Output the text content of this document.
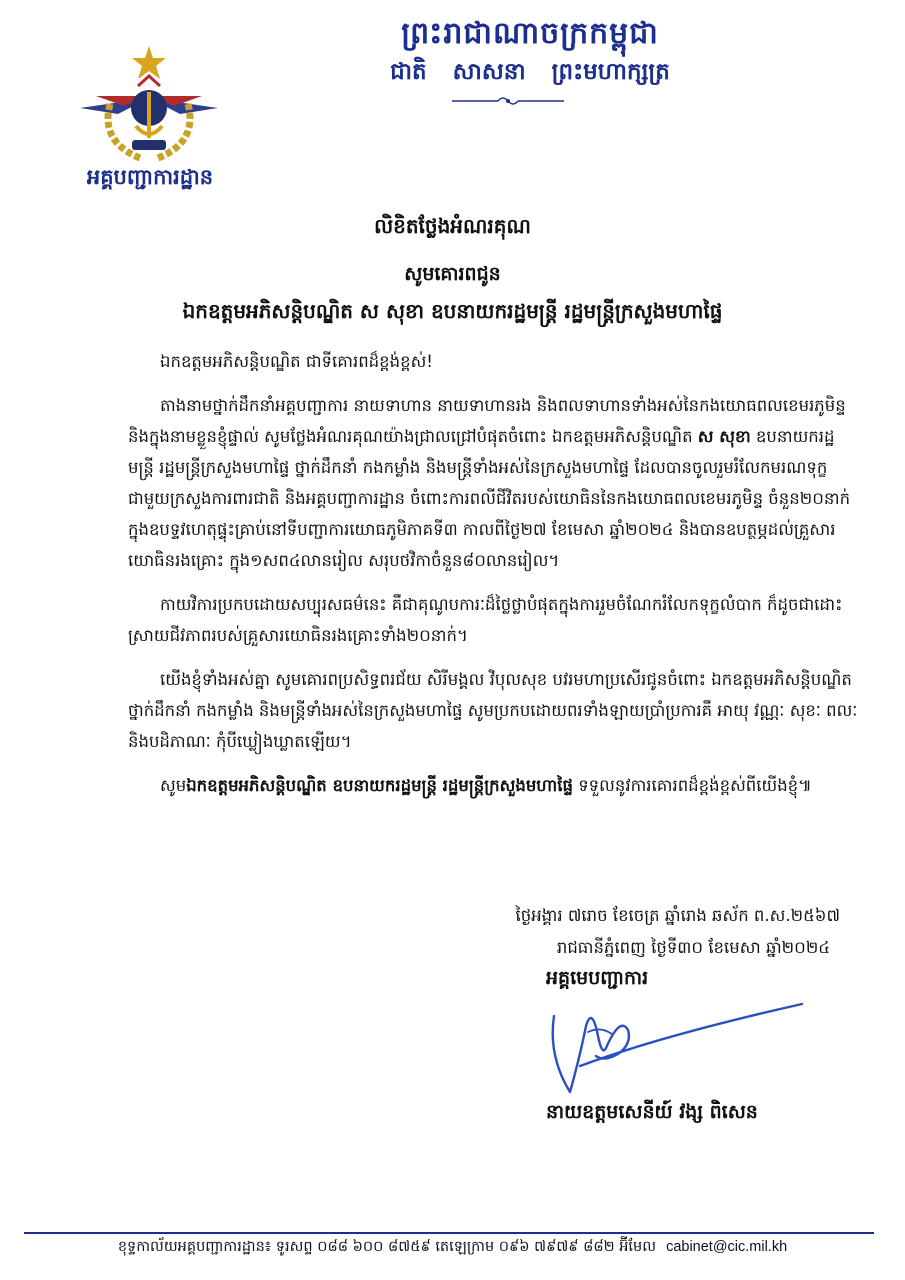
ព្រះរាជាណាចក្រកម្ពុជា
ជាតិ សាសនា ព្រះមហាក្សត្រ
អគ្គបញ្ជាការដ្ឋាន
លិខិតថ្លែងអំណរគុណ
សូមគោរពជូន
ឯកឧត្តមអភិសន្តិបណ្ឌិត ស សុខា ឧបនាយករដ្ឋមន្ត្រី រដ្ឋមន្ត្រីក្រសួងមហាផ្ទៃ

ឯកឧត្តមអភិសន្តិបណ្ឌិត ជាទីគោរពដ៏ខ្ពង់ខ្ពស់!

តាងនាមថ្នាក់ដឹកនាំអគ្គបញ្ជាការ នាយទាហាន នាយទាហានរង និងពលទាហានទាំងអស់នៃកងយោធពលខេមរភូមិន្ទ និងក្នុងនាមខ្លួនខ្ញុំផ្ទាល់ សូមថ្លែងអំណរគុណយ៉ាងជ្រាលជ្រៅបំផុតចំពោះ ឯកឧត្តមអភិសន្តិបណ្ឌិត ស សុខា ឧបនាយករដ្ឋមន្ត្រី រដ្ឋមន្ត្រីក្រសួងមហាផ្ទៃ ថ្នាក់ដឹកនាំ កងកម្លាំង និងមន្ត្រីទាំងអស់នៃក្រសួងមហាផ្ទៃ ដែលបានចូលរួមរំលែកមរណទុក្ខជាមួយក្រសួងការពារជាតិ និងអគ្គបញ្ជាការដ្ឋាន ចំពោះការពលីជីវិតរបស់យោធិននៃកងយោធពលខេមរភូមិន្ទ ចំនួន២០នាក់ ក្នុងឧបទ្ទវហេតុផ្ទុះគ្រាប់នៅទីបញ្ជាការយោធភូមិភាគទី៣ កាលពីថ្ងៃ២៧ ខែមេសា ឆ្នាំ២០២៤ និងបានឧបត្ថម្ភដល់គ្រួសារយោធិនរងគ្រោះ ក្នុង១សព៤លានរៀល សរុបថវិកាចំនួន៨០លានរៀល។

កាយវិការប្រកបដោយសប្បុរសធម៌នេះ គឺជាគុណូបការៈដ៏ថ្លៃថ្លាបំផុតក្នុងការរួមចំណែករំលែកទុក្ខលំបាក ក៏ដូចជាដោះស្រាយជីវភាពរបស់គ្រួសារយោធិនរងគ្រោះទាំង២០នាក់។

យើងខ្ញុំទាំងអស់គ្នា សូមគោរពប្រសិទ្ធពរជ័យ សិរីមង្គល វិបុលសុខ បវរមហាប្រសើរជូនចំពោះ ឯកឧត្តមអភិសន្តិបណ្ឌិត ថ្នាក់ដឹកនាំ កងកម្លាំង និងមន្ត្រីទាំងអស់នៃក្រសួងមហាផ្ទៃ សូមប្រកបដោយពរទាំងឡាយប្រាំប្រការគឺ អាយុ វណ្ណៈ សុខៈ ពលៈ និងបដិភាណៈ កុំបីឃ្លៀងឃ្លាតឡើយ។

សូមឯកឧត្តមអភិសន្តិបណ្ឌិត ឧបនាយករដ្ឋមន្ត្រី រដ្ឋមន្ត្រីក្រសួងមហាផ្ទៃ ទទួលនូវការគោរពដ៏ខ្ពង់ខ្ពស់ពីយើងខ្ញុំ៕

ថ្ងៃអង្គារ ៧រោច ខែចេត្រ ឆ្នាំរោង ឆស័ក ព.ស.២៥៦៧
រាជធានីភ្នំពេញ ថ្ងៃទី៣០ ខែមេសា ឆ្នាំ២០២៤
អគ្គមេបញ្ជាការ
នាយឧត្តមសេនីយ៍ វង្ស ពិសេន
ខុទ្ទកាល័យអគ្គបញ្ជាការដ្ឋាន៖ ទូរសព្ទ ០៨៨ ៦០០ ៨៧៥៩ តេឡេក្រាម ០៩៦ ៧៩៧៩ ៨៨២ អ៊ីមែល cabinet@cic.mil.kh
